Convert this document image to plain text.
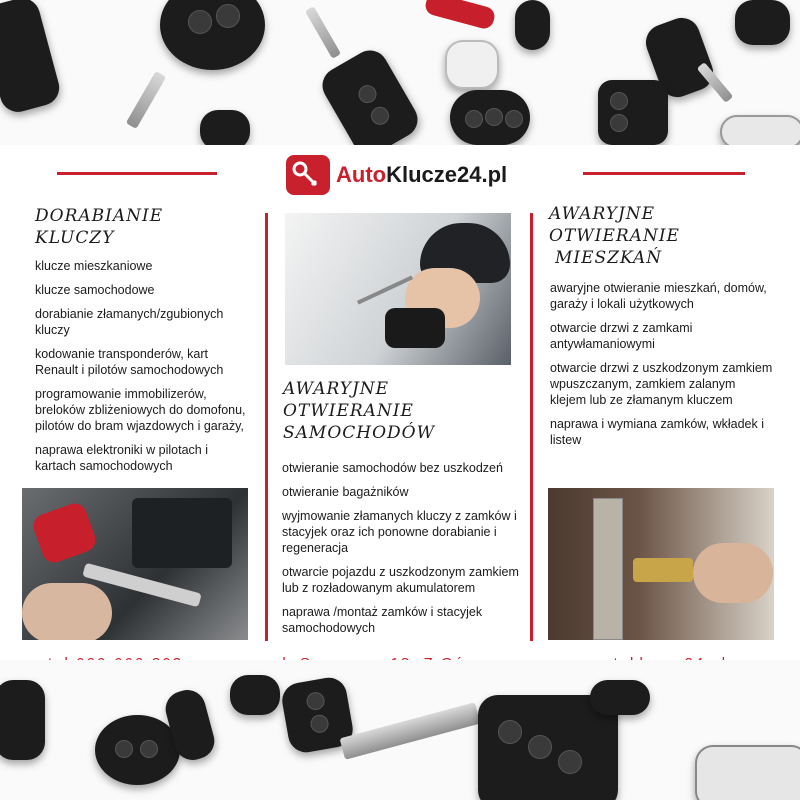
AutoKlucze24.pl
DORABIANIE
KLUCZY
klucze mieszkaniowe
klucze samochodowe
dorabianie złamanych/zgubionych kluczy
kodowanie transponderów, kart Renault i pilotów samochodowych
programowanie immobilizerów, breloków zbliżeniowych do domofonu, pilotów do bram wjazdowych i garaży,
naprawa elektroniki w pilotach i kartach samochodowych
AWARYJNE
OTWIERANIE
SAMOCHODÓW
otwieranie samochodów bez uszkodzeń
otwieranie bagażników
wyjmowanie złamanych kluczy z zamków i stacyjek oraz ich ponowne dorabianie i regeneracja
otwarcie pojazdu z uszkodzonym zamkiem lub z rozładowanym akumulatorem
naprawa /montaż zamków i stacyjek samochodowych
AWARYJNE
OTWIERANIE
MIESZKAŃ
RABAT
10%
awaryjne otwieranie mieszkań, domów, garaży i lokali użytkowych
otwarcie drzwi z zamkami antywłamaniowymi
otwarcie drzwi z uszkodzonym zamkiem wpuszczanym, zamkiem zalanym klejem lub ze złamanym kluczem
naprawa i wymiana zamków, wkładek i listew
